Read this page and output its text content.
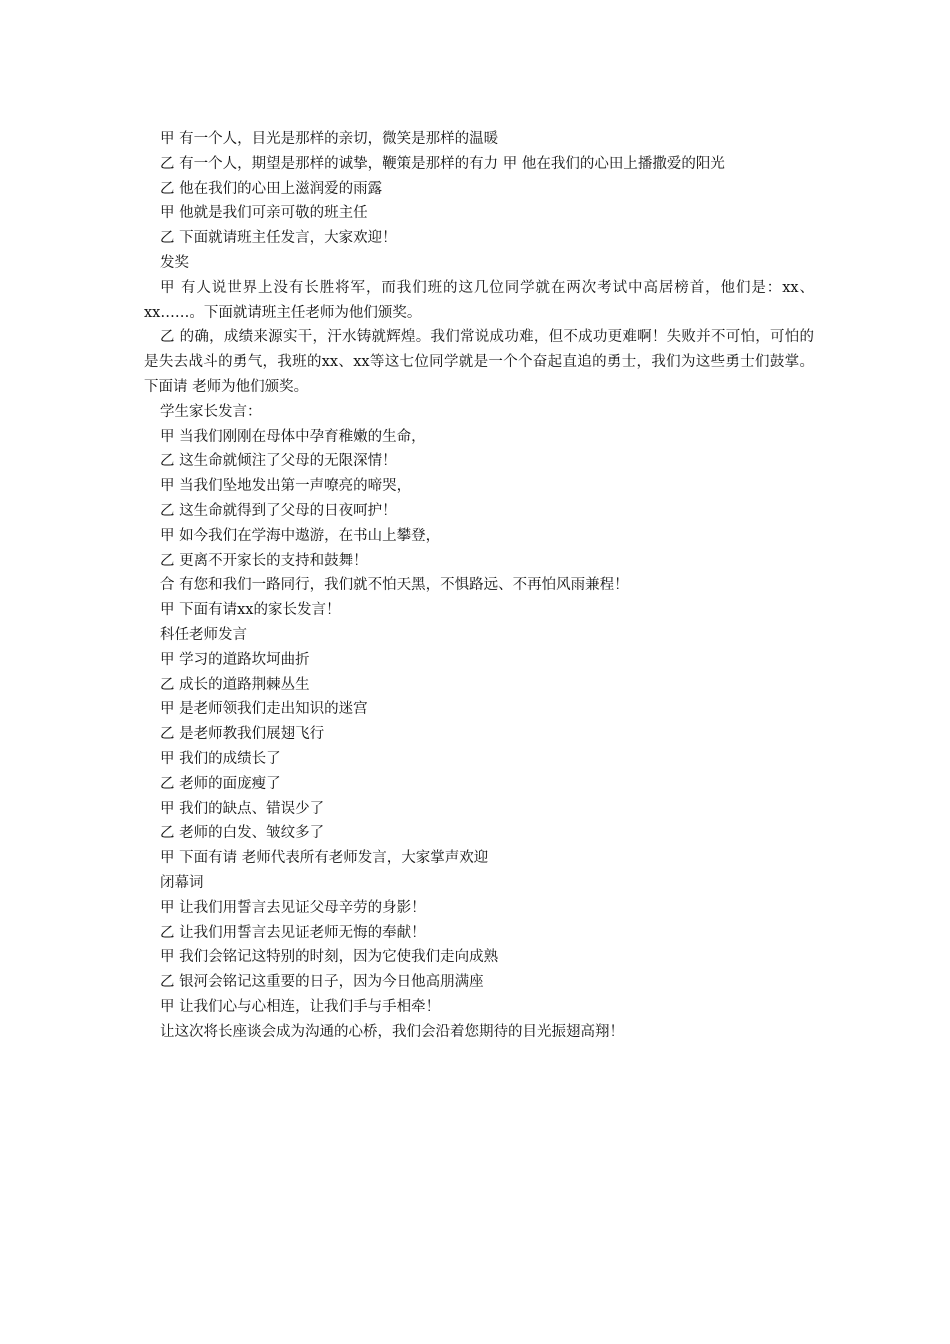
甲 有一个人，目光是那样的亲切，微笑是那样的温暖

乙 有一个人，期望是那样的诚挚，鞭策是那样的有力 甲 他在我们的心田上播撒爱的阳光

乙 他在我们的心田上滋润爱的雨露

甲 他就是我们可亲可敬的班主任

乙 下面就请班主任发言，大家欢迎！

发奖

甲 有人说世界上没有长胜将军，而我们班的这几位同学就在两次考试中高居榜首，他们是：xx、xx……。下面就请班主任老师为他们颁奖。

乙 的确，成绩来源实干，汗水铸就辉煌。我们常说成功难，但不成功更难啊！失败并不可怕，可怕的是失去战斗的勇气，我班的xx、xx等这七位同学就是一个个奋起直追的勇士，我们为这些勇士们鼓掌。下面请 老师为他们颁奖。

学生家长发言：

甲 当我们刚刚在母体中孕育稚嫩的生命，

乙 这生命就倾注了父母的无限深情！

甲 当我们坠地发出第一声嘹亮的啼哭，

乙 这生命就得到了父母的日夜呵护！

甲 如今我们在学海中遨游，在书山上攀登，

乙 更离不开家长的支持和鼓舞！

合 有您和我们一路同行，我们就不怕天黑，不惧路远、不再怕风雨兼程！

甲 下面有请xx的家长发言！

科任老师发言

甲 学习的道路坎坷曲折

乙 成长的道路荆棘丛生

甲 是老师领我们走出知识的迷宫

乙 是老师教我们展翅飞行

甲 我们的成绩长了

乙 老师的面庞瘦了

甲 我们的缺点、错误少了

乙 老师的白发、皱纹多了

甲 下面有请 老师代表所有老师发言，大家掌声欢迎

闭幕词

甲 让我们用誓言去见证父母辛劳的身影！

乙 让我们用誓言去见证老师无悔的奉献！

甲 我们会铭记这特别的时刻，因为它使我们走向成熟

乙 银河会铭记这重要的日子，因为今日他高朋满座

甲 让我们心与心相连，让我们手与手相牵！

让这次将长座谈会成为沟通的心桥，我们会沿着您期待的目光振翅高翔！
